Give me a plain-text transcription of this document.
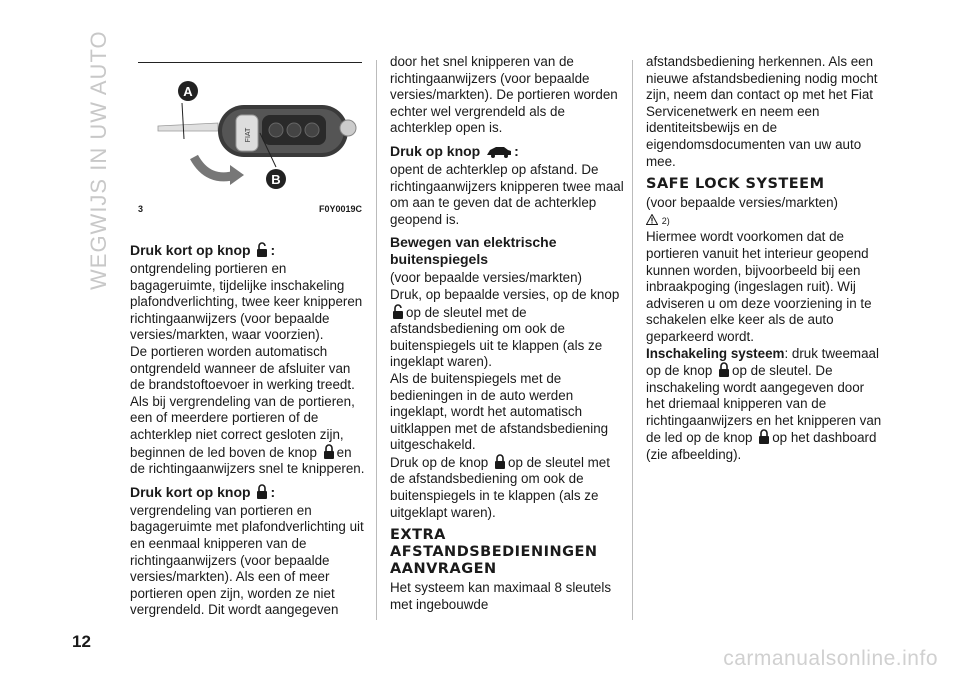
WEGWIJS IN UW AUTO	FIAT
A
B
3	F0Y0019C
Druk kort op knop :

ontgrendeling portieren en bagageruimte, tijdelijke inschakeling plafondverlichting, twee keer knipperen richtingaanwijzers (voor bepaalde versies/markten, waar voorzien).

De portieren worden automatisch ontgrendeld wanneer de afsluiter van de brandstoftoevoer in werking treedt.

Als bij vergrendeling van de portieren, een of meerdere portieren of de achterklep niet correct gesloten zijn, beginnen de led boven de knop en de richtingaanwijzers snel te knipperen.

Druk kort op knop :

vergrendeling van portieren en bagageruimte met plafondverlichting uit en eenmaal knipperen van de richtingaanwijzers (voor bepaalde versies/markten). Als een of meer portieren open zijn, worden ze niet vergrendeld. Dit wordt aangegeven

door het snel knipperen van de richtingaanwijzers (voor bepaalde versies/markten). De portieren worden echter wel vergrendeld als de achterklep open is.

Druk op knop :

opent de achterklep op afstand. De richtingaanwijzers knipperen twee maal om aan te geven dat de achterklep geopend is.

Bewegen van elektrische buitenspiegels

(voor bepaalde versies/markten)

Druk, op bepaalde versies, op de knop op de sleutel met de afstandsbediening om ook de buitenspiegels uit te klappen (als ze ingeklapt waren).

Als de buitenspiegels met de bedieningen in de auto werden ingeklapt, wordt het automatisch uitklappen met de afstandsbediening uitgeschakeld.

Druk op de knop op de sleutel met de afstandsbediening om ook de buitenspiegels in te klappen (als ze uitgeklapt waren).

EXTRA AFSTANDSBEDIENINGEN AANVRAGEN

Het systeem kan maximaal 8 sleutels met ingebouwde

afstandsbediening herkennen. Als een nieuwe afstandsbediening nodig mocht zijn, neem dan contact op met het Fiat Servicenetwerk en neem een identiteitsbewijs en de eigendomsdocumenten van uw auto mee.

SAFE LOCK SYSTEEM

(voor bepaalde versies/markten)

2)

Hiermee wordt voorkomen dat de portieren vanuit het interieur geopend kunnen worden, bijvoorbeeld bij een inbraakpoging (ingeslagen ruit). Wij adviseren u om deze voorziening in te schakelen elke keer als de auto geparkeerd wordt.

Inschakeling systeem: druk tweemaal op de knop op de sleutel. De inschakeling wordt aangegeven door het driemaal knipperen van de richtingaanwijzers en het knipperen van de led op de knop op het dashboard (zie afbeelding).

12
carmanualsonline.info
